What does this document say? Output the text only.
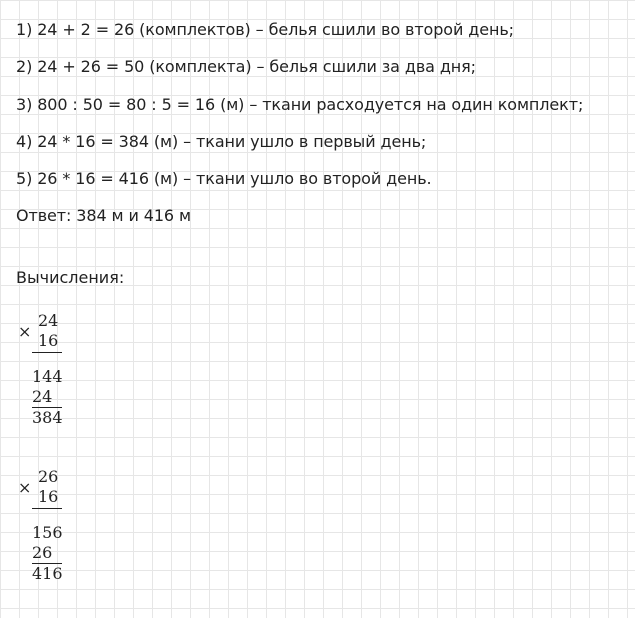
1) 24 + 2 = 26 (комплектов) – белья сшили во второй день;
2) 24 + 26 = 50 (комплекта) – белья сшили за два дня;
3) 800 : 50 = 80 : 5 = 16 (м) – ткани расходуется на один комплект;
4) 24 * 16 = 384 (м) – ткани ушло в первый день;
5) 26 * 16 = 416 (м) – ткани ушло во второй день.
Ответ: 384 м и 416 м
Вычисления:
×
24
16
144
24
384
×
26
16
156
26
416
